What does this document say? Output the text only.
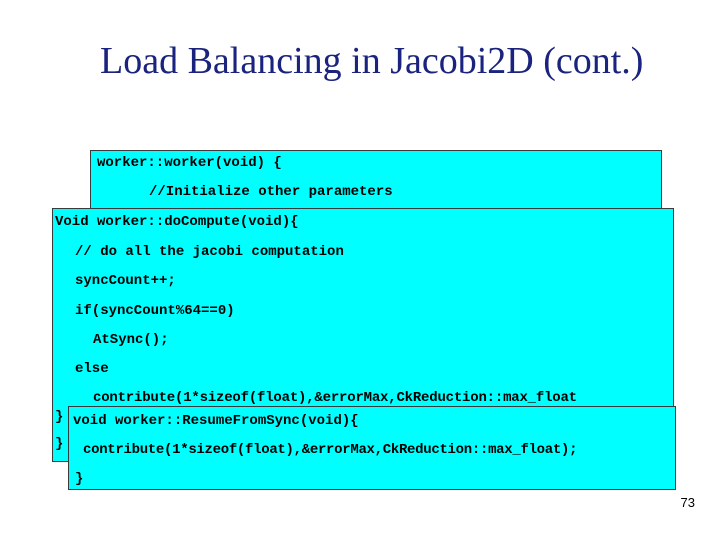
Load Balancing in Jacobi2D (cont.)
worker::worker(void) {
//Initialize other parameters
Void worker::doCompute(void){
// do all the jacobi computation
syncCount++;
if(syncCount%64==0)
AtSync();
else
contribute(1*sizeof(float),&errorMax,CkReduction::max_float
}
}
void worker::ResumeFromSync(void){
contribute(1*sizeof(float),&errorMax,CkReduction::max_float);
}
73
